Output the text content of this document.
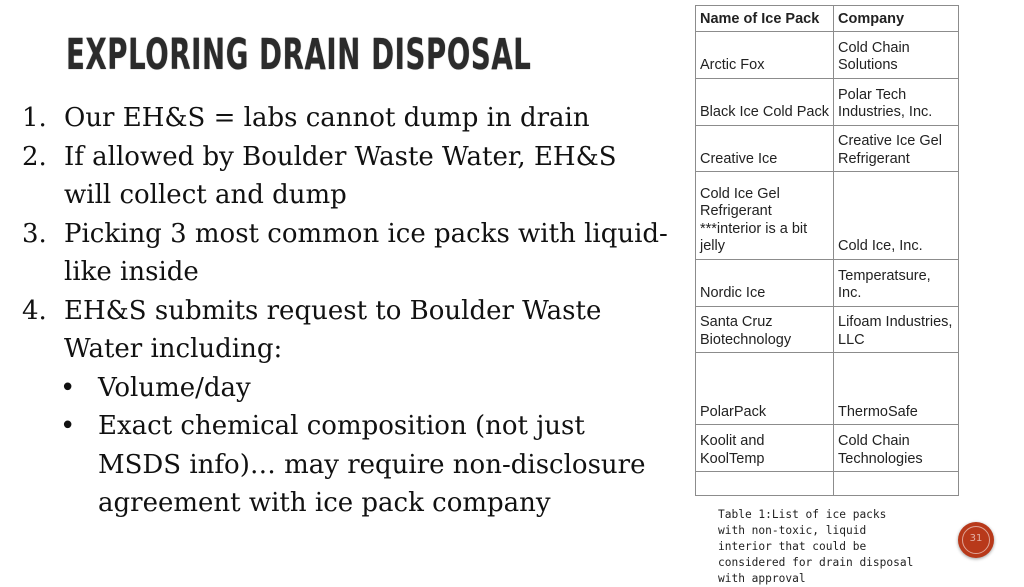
EXPLORING DRAIN DISPOSAL
1. Our EH&S = labs cannot dump in drain
2. If allowed by Boulder Waste Water, EH&S will collect and dump
3. Picking 3 most common ice packs with liquid-like inside
4. EH&S submits request to Boulder Waste Water including:
• Volume/day
• Exact chemical composition (not just MSDS info)… may require non-disclosure agreement with ice pack company
Name of Ice Pack	Company
Arctic Fox	Cold Chain Solutions
Black Ice Cold Pack	Polar Tech Industries, Inc.
Creative Ice	Creative Ice Gel Refrigerant
Cold Ice Gel Refrigerant ***interior is a bit jelly	Cold Ice, Inc.
Nordic Ice	Temperatsure, Inc.
Santa Cruz Biotechnology	Lifoam Industries, LLC
PolarPack	ThermoSafe
Koolit and KoolTemp	Cold Chain Technologies

Table 1:List of ice packs with non-toxic, liquid interior that could be considered for drain disposal with approval
31
